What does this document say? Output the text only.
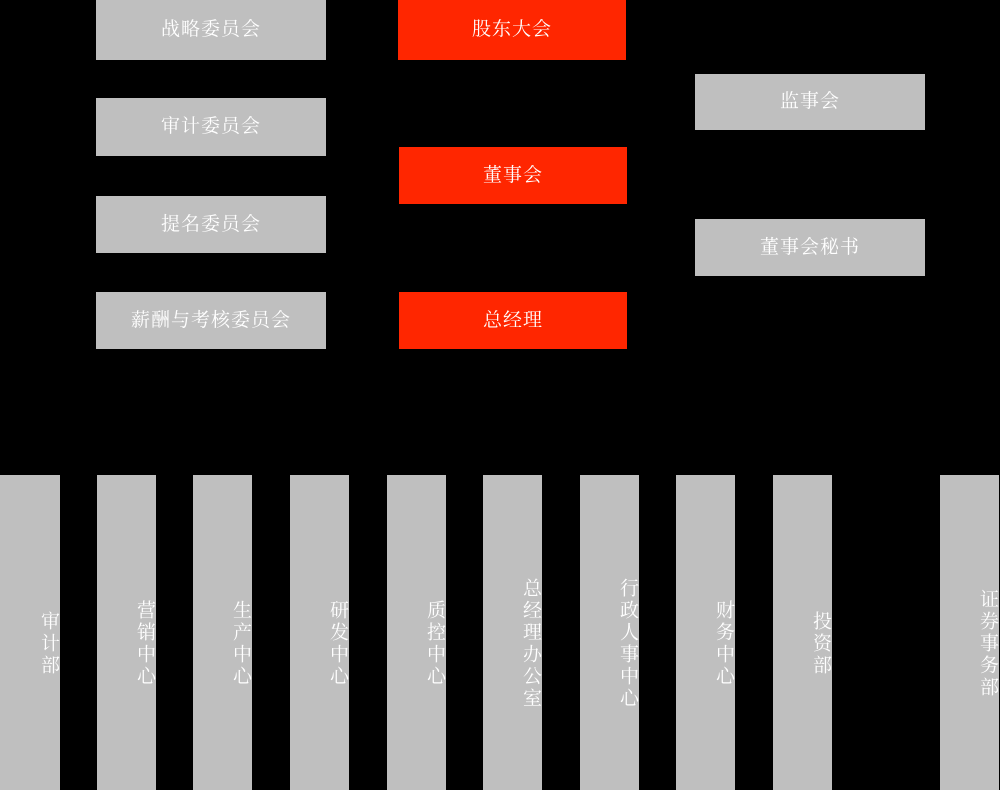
战略委员会	股东大会
监事会
审计委员会
董事会
提名委员会
董事会秘书
薪酬与考核委员会	总经理
审计部	营销中心	生产中心	研发中心	质控中心	总经理办公室	行政人事中心	财务中心	投资部	证券事务部
